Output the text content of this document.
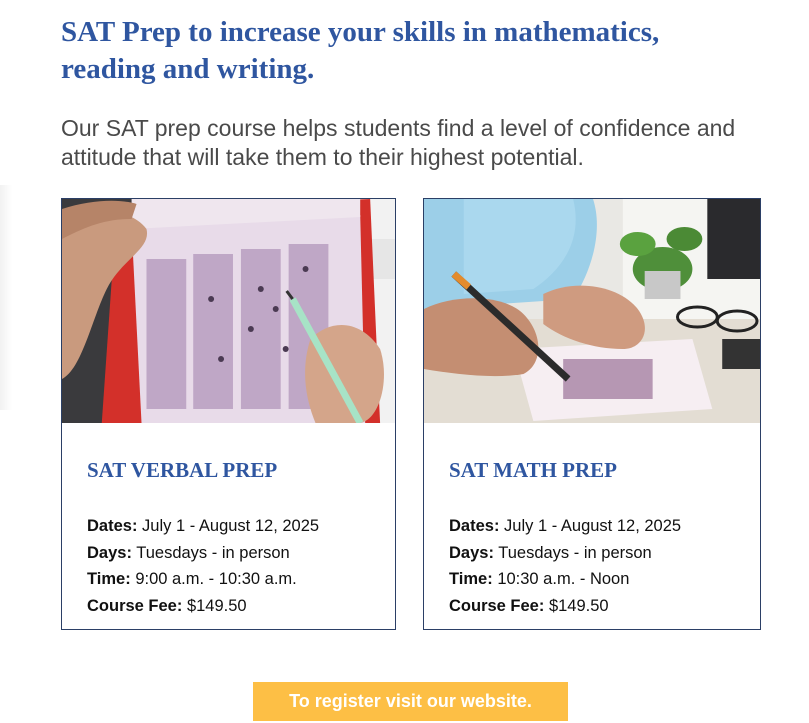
SAT Prep to increase your skills in mathematics, reading and writing.

Our SAT prep course helps students find a level of confidence and attitude that will take them to their highest potential.

SAT VERBAL PREP
Dates: July 1 - August 12, 2025
Days: Tuesdays - in person
Time: 9:00 a.m. - 10:30 a.m.
Course Fee: $149.50
SAT MATH PREP
Dates: July 1 - August 12, 2025
Days: Tuesdays - in person
Time: 10:30 a.m. - Noon
Course Fee: $149.50
To register visit our website.
